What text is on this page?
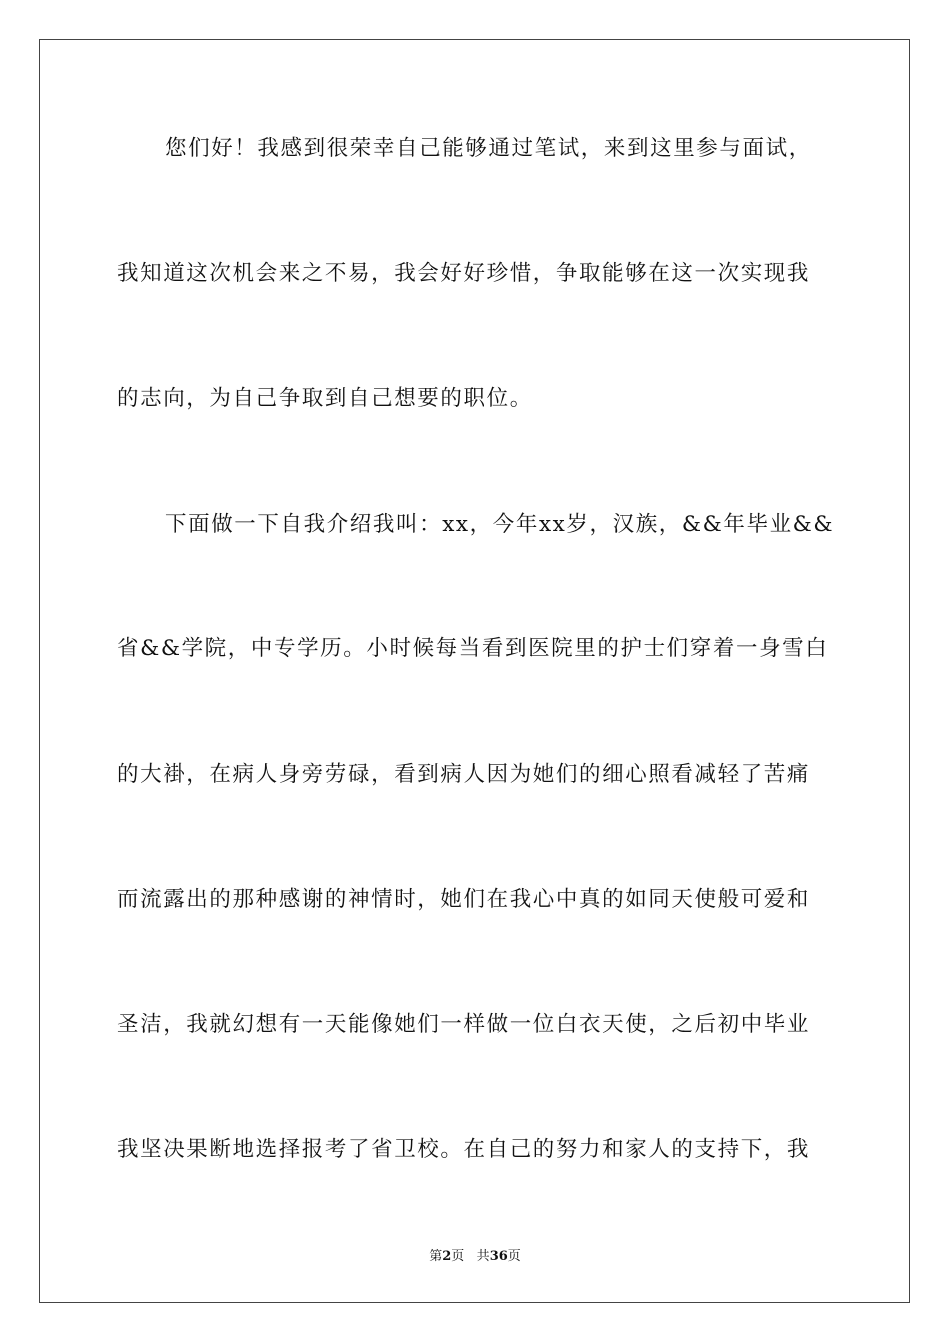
您们好！我感到很荣幸自己能够通过笔试，来到这里参与面试，
我知道这次机会来之不易，我会好好珍惜，争取能够在这一次实现我
的志向，为自己争取到自己想要的职位。
下面做一下自我介绍我叫：xx，今年xx岁，汉族，&&年毕业&&
省&&学院，中专学历。小时候每当看到医院里的护士们穿着一身雪白
的大褂，在病人身旁劳碌，看到病人因为她们的细心照看减轻了苦痛
而流露出的那种感谢的神情时，她们在我心中真的如同天使般可爱和
圣洁，我就幻想有一天能像她们一样做一位白衣天使，之后初中毕业
我坚决果断地选择报考了省卫校。在自己的努力和家人的支持下，我
第2页 共36页
